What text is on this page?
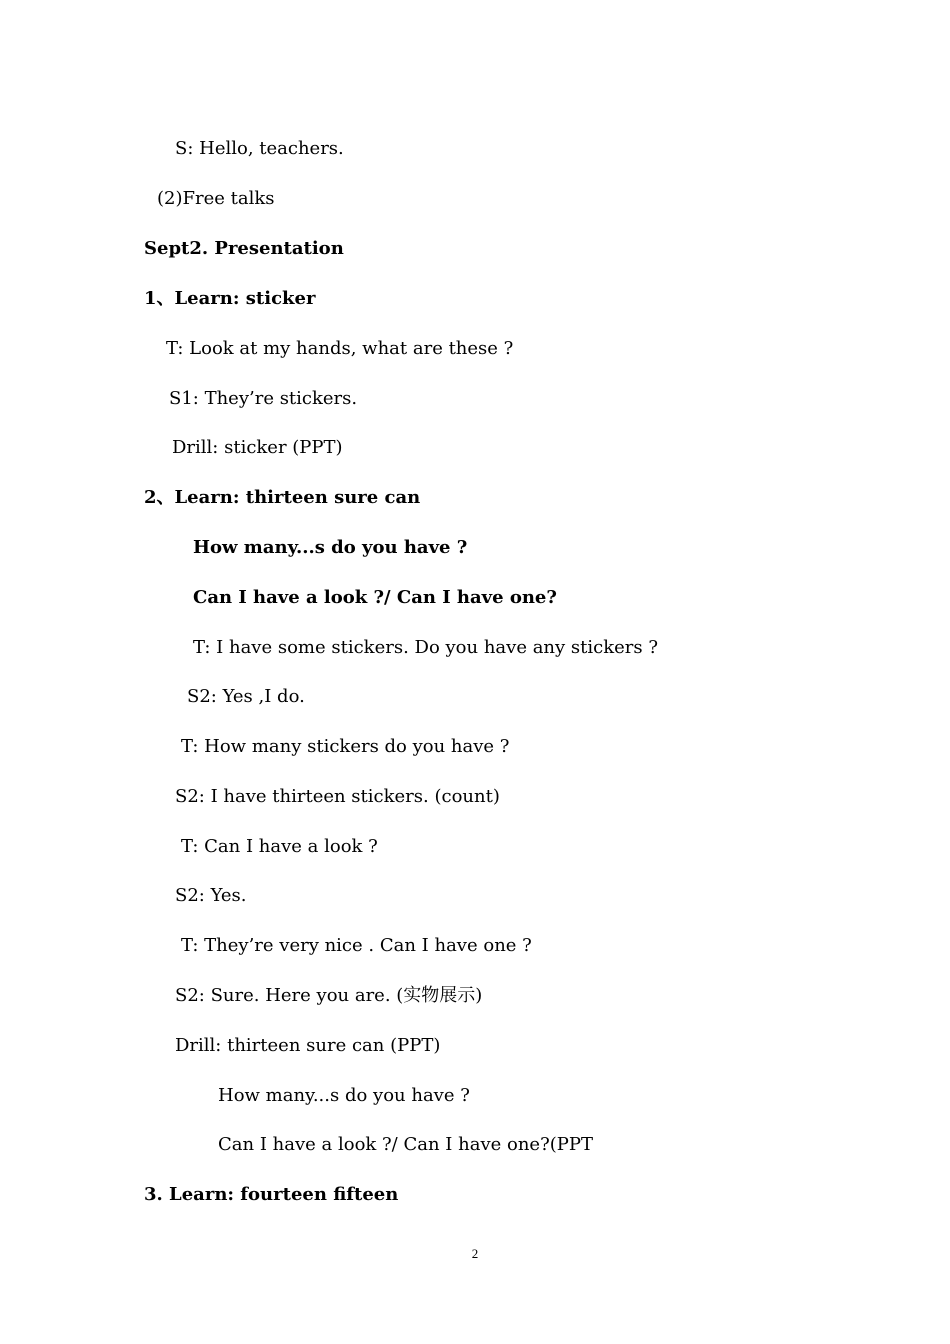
S: Hello, teachers.
(2)Free talks
Sept2. Presentation
1、Learn: sticker
T: Look at my hands, what are these ?
S1: They’re stickers.
Drill: sticker (PPT)
2、Learn: thirteen sure can
How many...s do you have ?
Can I have a look ?/ Can I have one?
T: I have some stickers. Do you have any stickers ?
S2: Yes ,I do.
T: How many stickers do you have ?
S2: I have thirteen stickers. (count)
T: Can I have a look ?
S2: Yes.
T: They’re very nice . Can I have one ?
S2: Sure. Here you are. (实物展示)
Drill: thirteen sure can (PPT)
How many...s do you have ?
Can I have a look ?/ Can I have one?(PPT
3. Learn: fourteen fifteen
2
